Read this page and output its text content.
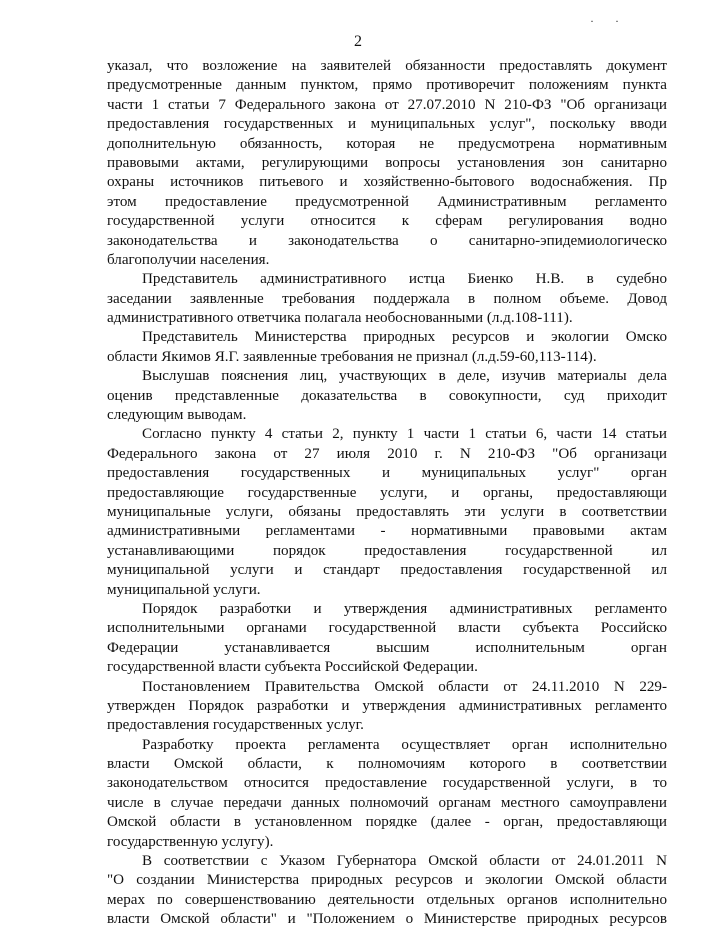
· ·
2
указал, что возложение на заявителей обязанности предоставлять документ
предусмотренные данным пунктом, прямо противоречит положениям пункта
части 1 статьи 7 Федерального закона от 27.07.2010 N 210-ФЗ "Об организаци
предоставления государственных и муниципальных услуг", поскольку вводи
дополнительную обязанность, которая не предусмотрена нормативным
правовыми актами, регулирующими вопросы установления зон санитарно
охраны источников питьевого и хозяйственно-бытового водоснабжения. Пр
этом предоставление предусмотренной Административным регламенто
государственной услуги относится к сферам регулирования водно
законодательства и законодательства о санитарно-эпидемиологическо
благополучии населения.
Представитель административного истца Биенко Н.В. в судебно
заседании заявленные требования поддержала в полном объеме. Довод
административного ответчика полагала необоснованными (л.д.108-111).
Представитель Министерства природных ресурсов и экологии Омско
области Якимов Я.Г. заявленные требования не признал (л.д.59-60,113-114).
Выслушав пояснения лиц, участвующих в деле, изучив материалы дела
оценив представленные доказательства в совокупности, суд приходит
следующим выводам.
Согласно пункту 4 статьи 2, пункту 1 части 1 статьи 6, части 14 статьи
Федерального закона от 27 июля 2010 г. N 210-ФЗ "Об организаци
предоставления государственных и муниципальных услуг" орган
предоставляющие государственные услуги, и органы, предоставляющи
муниципальные услуги, обязаны предоставлять эти услуги в соответствии
административными регламентами - нормативными правовыми актам
устанавливающими порядок предоставления государственной ил
муниципальной услуги и стандарт предоставления государственной ил
муниципальной услуги.
Порядок разработки и утверждения административных регламенто
исполнительными органами государственной власти субъекта Российско
Федерации устанавливается высшим исполнительным орган
государственной власти субъекта Российской Федерации.
Постановлением Правительства Омской области от 24.11.2010 N 229-
утвержден Порядок разработки и утверждения административных регламенто
предоставления государственных услуг.
Разработку проекта регламента осуществляет орган исполнительно
власти Омской области, к полномочиям которого в соответствии
законодательством относится предоставление государственной услуги, в то
числе в случае передачи данных полномочий органам местного самоуправлени
Омской области в установленном порядке (далее - орган, предоставляющи
государственную услугу).
В соответствии с Указом Губернатора Омской области от 24.01.2011 N
"О создании Министерства природных ресурсов и экологии Омской области
мерах по совершенствованию деятельности отдельных органов исполнительно
власти Омской области" и "Положением о Министерстве природных ресурсов
